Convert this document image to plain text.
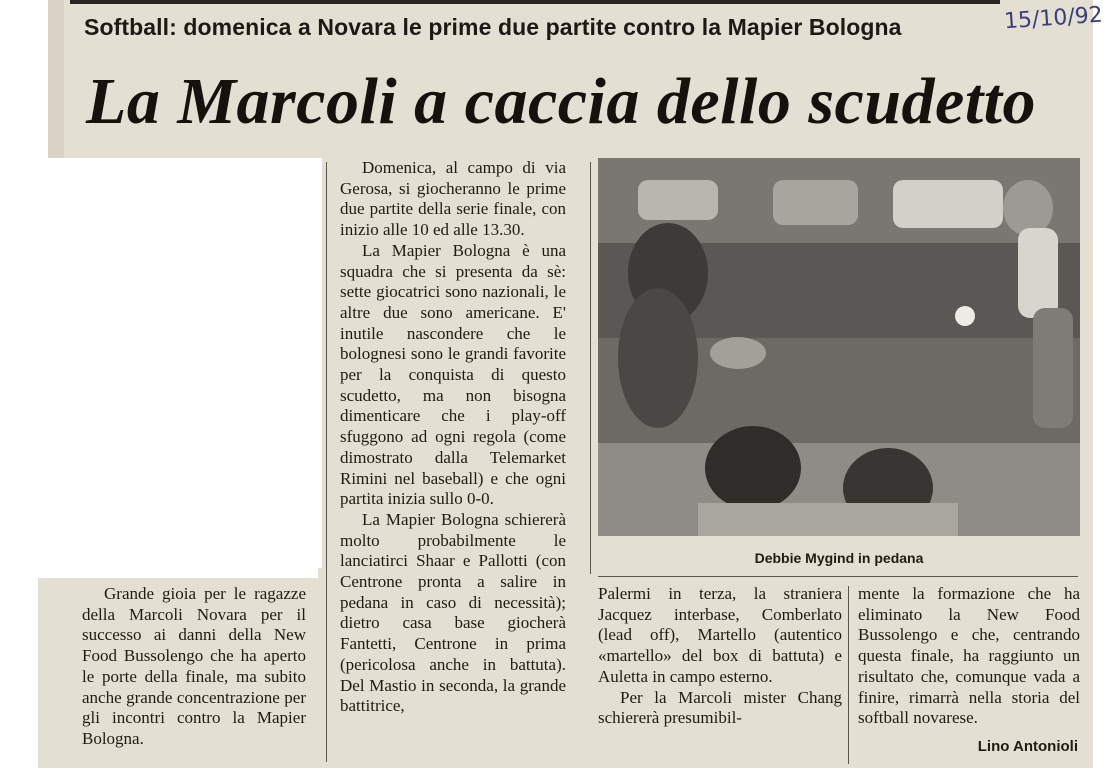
Softball: domenica a Novara le prime due partite contro la Mapier Bologna	15/10/92
La Marcoli a caccia dello scudetto

Grande gioia per le ragazze della Marcoli Novara per il successo ai danni della New Food Bussolengo che ha aperto le porte della finale, ma subito anche grande concentrazione per gli incontri contro la Mapier Bologna.

Domenica, al campo di via Gerosa, si giocheranno le prime due partite della serie finale, con inizio alle 10 ed alle 13.30.

La Mapier Bologna è una squadra che si presenta da sè: sette giocatrici sono nazionali, le altre due sono americane. E' inutile nascondere che le bolognesi sono le grandi favorite per la conquista di questo scudetto, ma non bisogna dimenticare che i play-off sfuggono ad ogni regola (come dimostrato dalla Telemarket Rimini nel baseball) e che ogni partita inizia sullo 0-0.

La Mapier Bologna schiererà molto probabilmente le lanciatirci Shaar e Pallotti (con Centrone pronta a salire in pedana in caso di necessità); dietro casa base giocherà Fantetti, Centrone in prima (pericolosa anche in battuta). Del Mastio in seconda, la grande battitrice,

Debbie Mygind in pedana

Palermi in terza, la straniera Jacquez interbase, Comberlato (lead off), Martello (autentico «martello» del box di battuta) e Auletta in campo esterno.

Per la Marcoli mister Chang schiererà presumibil-

mente la formazione che ha eliminato la New Food Bussolengo e che, centrando questa finale, ha raggiunto un risultato che, comunque vada a finire, rimarrà nella storia del softball novarese.

Lino Antonioli
